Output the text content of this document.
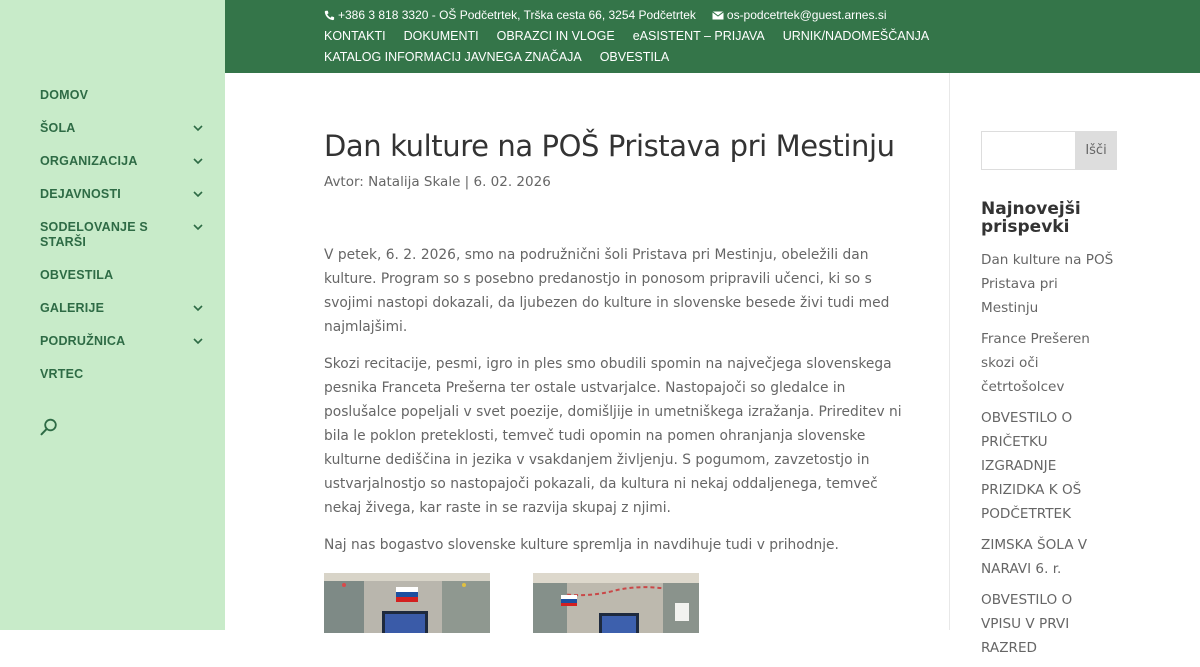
DOMOV
ŠOLA
ORGANIZACIJA
DEJAVNOSTI
SODELOVANJE S STARŠI
OBVESTILA
GALERIJE
PODRUŽNICA
VRTEC
+386 3 818 3320 - OŠ Podčetrtek, Trška cesta 66, 3254 Podčetrtek	os-podcetrtek@guest.arnes.si
KONTAKTI DOKUMENTI OBRAZCI IN VLOGE eASISTENT – PRIJAVA URNIK/NADOMEŠČANJA
KATALOG INFORMACIJ JAVNEGA ZNAČAJA OBVESTILA
Dan kulture na POŠ Pristava pri Mestinju
Avtor: Natalija Skale | 6. 02. 2026

V petek, 6. 2. 2026, smo na podružnični šoli Pristava pri Mestinju, obeležili dan kulture. Program so s posebno predanostjo in ponosom pripravili učenci, ki so s svojimi nastopi dokazali, da ljubezen do kulture in slovenske besede živi tudi med najmlajšimi.

Skozi recitacije, pesmi, igro in ples smo obudili spomin na največjega slovenskega pesnika Franceta Prešerna ter ostale ustvarjalce. Nastopajoči so gledalce in poslušalce popeljali v svet poezije, domišljije in umetniškega izražanja. Prireditev ni bila le poklon preteklosti, temveč tudi opomin na pomen ohranjanja slovenske kulturne dediščina in jezika v vsakdanjem življenju. S pogumom, zavzetostjo in ustvarjalnostjo so nastopajoči pokazali, da kultura ni nekaj oddaljenega, temveč nekaj živega, kar raste in se razvija skupaj z njimi.

Naj nas bogastvo slovenske kulture spremlja in navdihuje tudi v prihodnje.

Išči
Najnovejši prispevki
Dan kulture na POŠ Pristava pri Mestinju
France Prešeren skozi oči četrtošolcev
OBVESTILO O PRIČETKU IZGRADNJE PRIZIDKA K OŠ PODČETRTEK
ZIMSKA ŠOLA V NARAVI 6. r.
OBVESTILO O VPISU V PRVI RAZRED
